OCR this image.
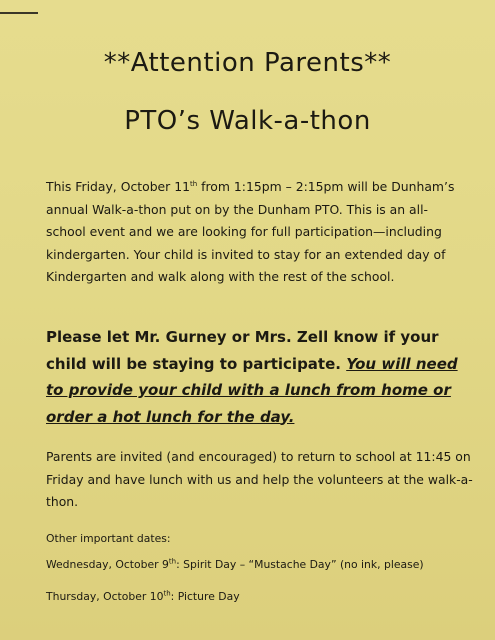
**Attention Parents**
PTO’s Walk-a-thon
This Friday, October 11th from 1:15pm – 2:15pm will be Dunham’s annual Walk-a-thon put on by the Dunham PTO. This is an all-school event and we are looking for full participation—including kindergarten. Your child is invited to stay for an extended day of Kindergarten and walk along with the rest of the school.
Please let Mr. Gurney or Mrs. Zell know if your child will be staying to participate. You will need to provide your child with a lunch from home or order a hot lunch for the day.
Parents are invited (and encouraged) to return to school at 11:45 on Friday and have lunch with us and help the volunteers at the walk-a-thon.
Other important dates:
Wednesday, October 9th: Spirit Day – “Mustache Day” (no ink, please)
Thursday, October 10th: Picture Day
